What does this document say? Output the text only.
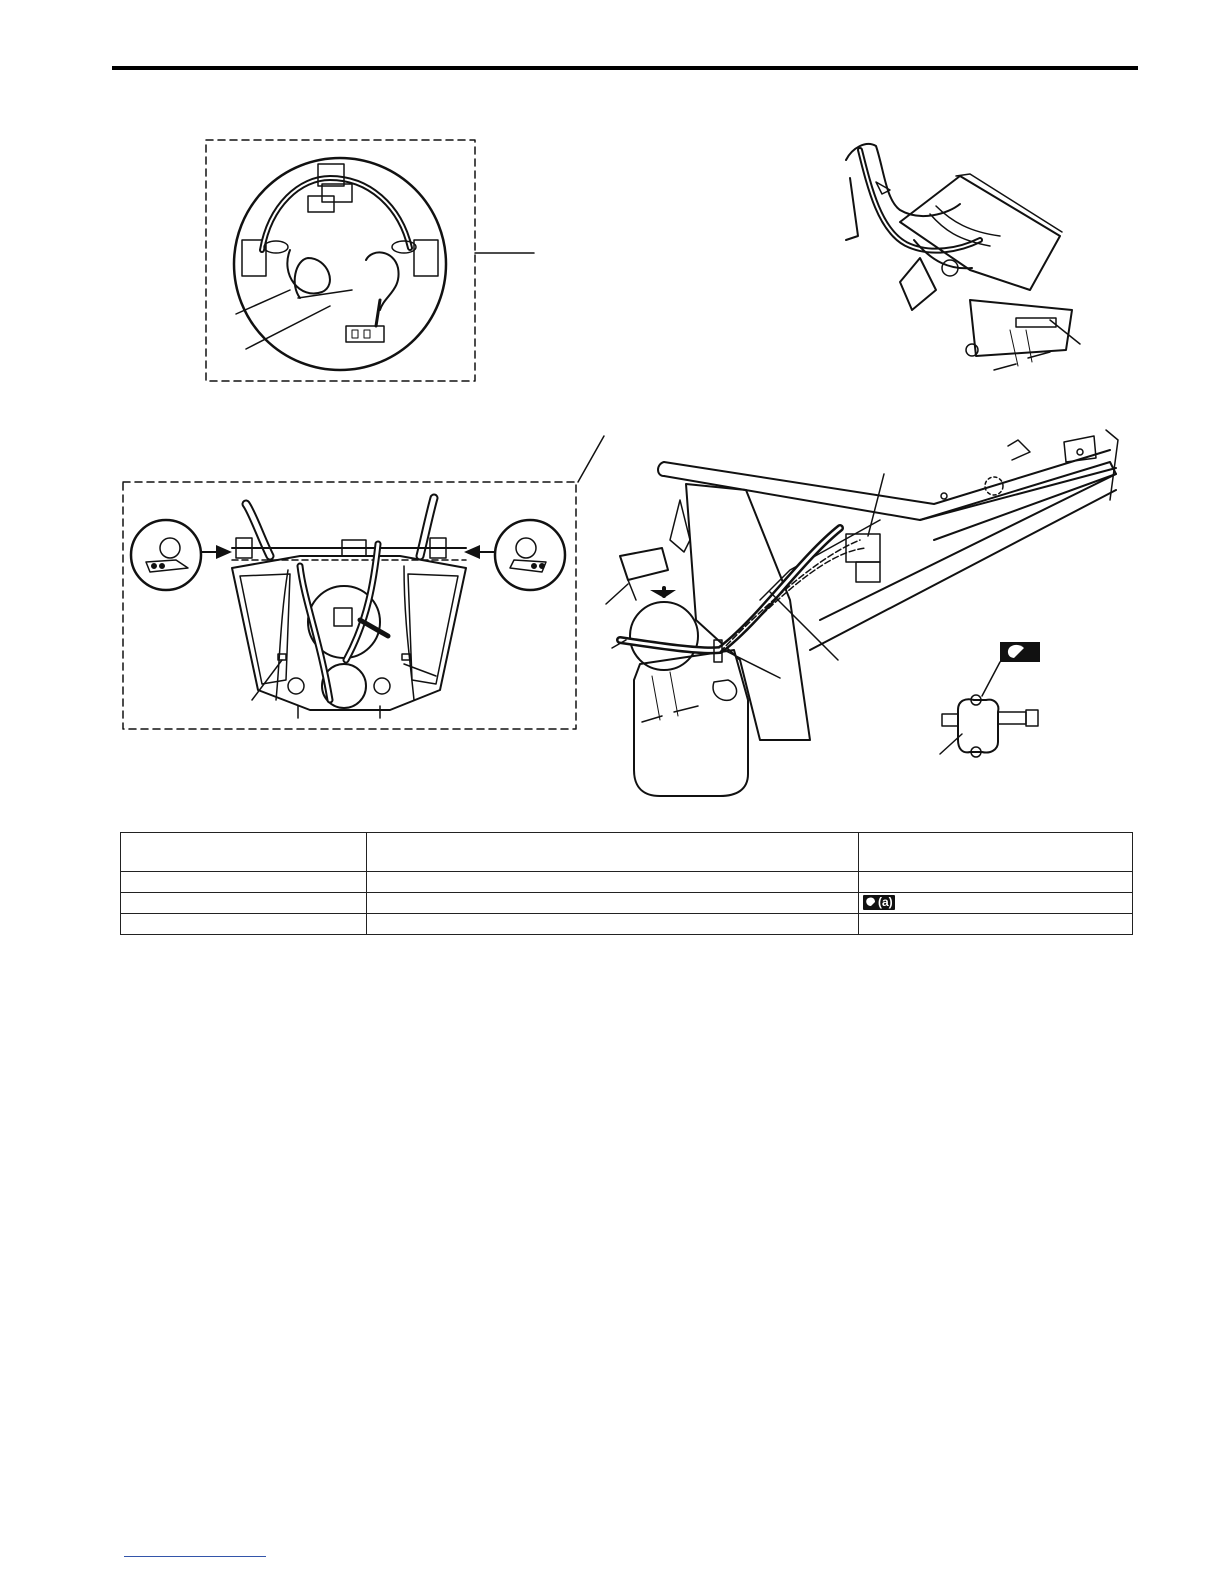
		(a)
